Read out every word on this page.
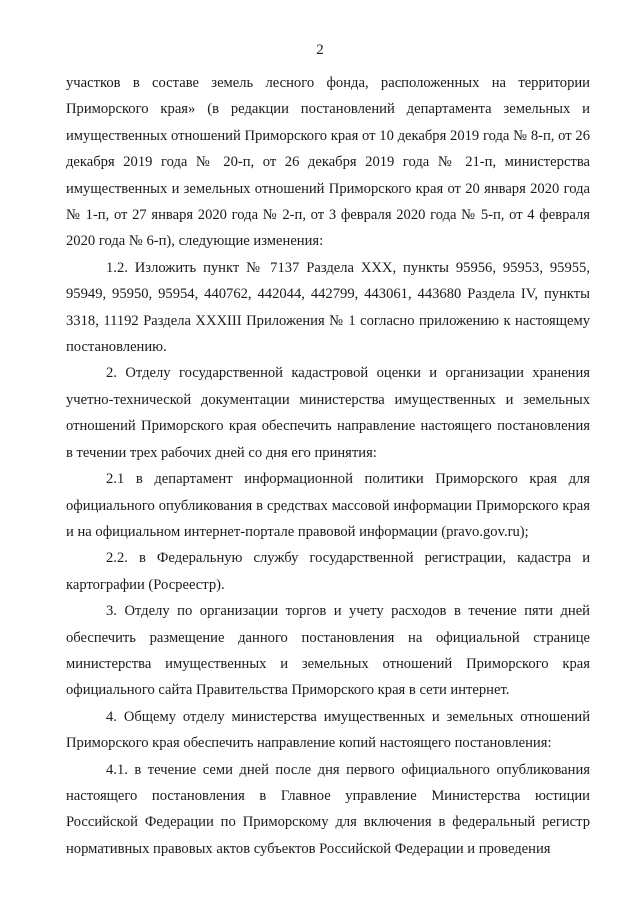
2

участков в составе земель лесного фонда, расположенных на территории Приморского края» (в редакции постановлений департамента земельных и имущественных отношений Приморского края от 10 декабря 2019 года № 8-п, от 26 декабря 2019 года № 20-п, от 26 декабря 2019 года № 21-п, министерства имущественных и земельных отношений Приморского края от 20 января 2020 года № 1-п, от 27 января 2020 года № 2-п, от 3 февраля 2020 года № 5-п, от 4 февраля 2020 года № 6-п), следующие изменения:

1.2. Изложить пункт № 7137 Раздела XXX, пункты 95956, 95953, 95955, 95949, 95950, 95954, 440762, 442044, 442799, 443061, 443680 Раздела IV, пункты 3318, 11192 Раздела XXXIII Приложения № 1 согласно приложению к настоящему постановлению.

2. Отделу государственной кадастровой оценки и организации хранения учетно-технической документации министерства имущественных и земельных отношений Приморского края обеспечить направление настоящего постановления в течении трех рабочих дней со дня его принятия:

2.1 в департамент информационной политики Приморского края для официального опубликования в средствах массовой информации Приморского края и на официальном интернет-портале правовой информации (pravo.gov.ru);

2.2. в Федеральную службу государственной регистрации, кадастра и картографии (Росреестр).

3. Отделу по организации торгов и учету расходов в течение пяти дней обеспечить размещение данного постановления на официальной странице министерства имущественных и земельных отношений Приморского края официального сайта Правительства Приморского края в сети интернет.

4. Общему отделу министерства имущественных и земельных отношений Приморского края обеспечить направление копий настоящего постановления:

4.1. в течение семи дней после дня первого официального опубликования настоящего постановления в Главное управление Министерства юстиции Российской Федерации по Приморскому для включения в федеральный регистр нормативных правовых актов субъектов Российской Федерации и проведения
